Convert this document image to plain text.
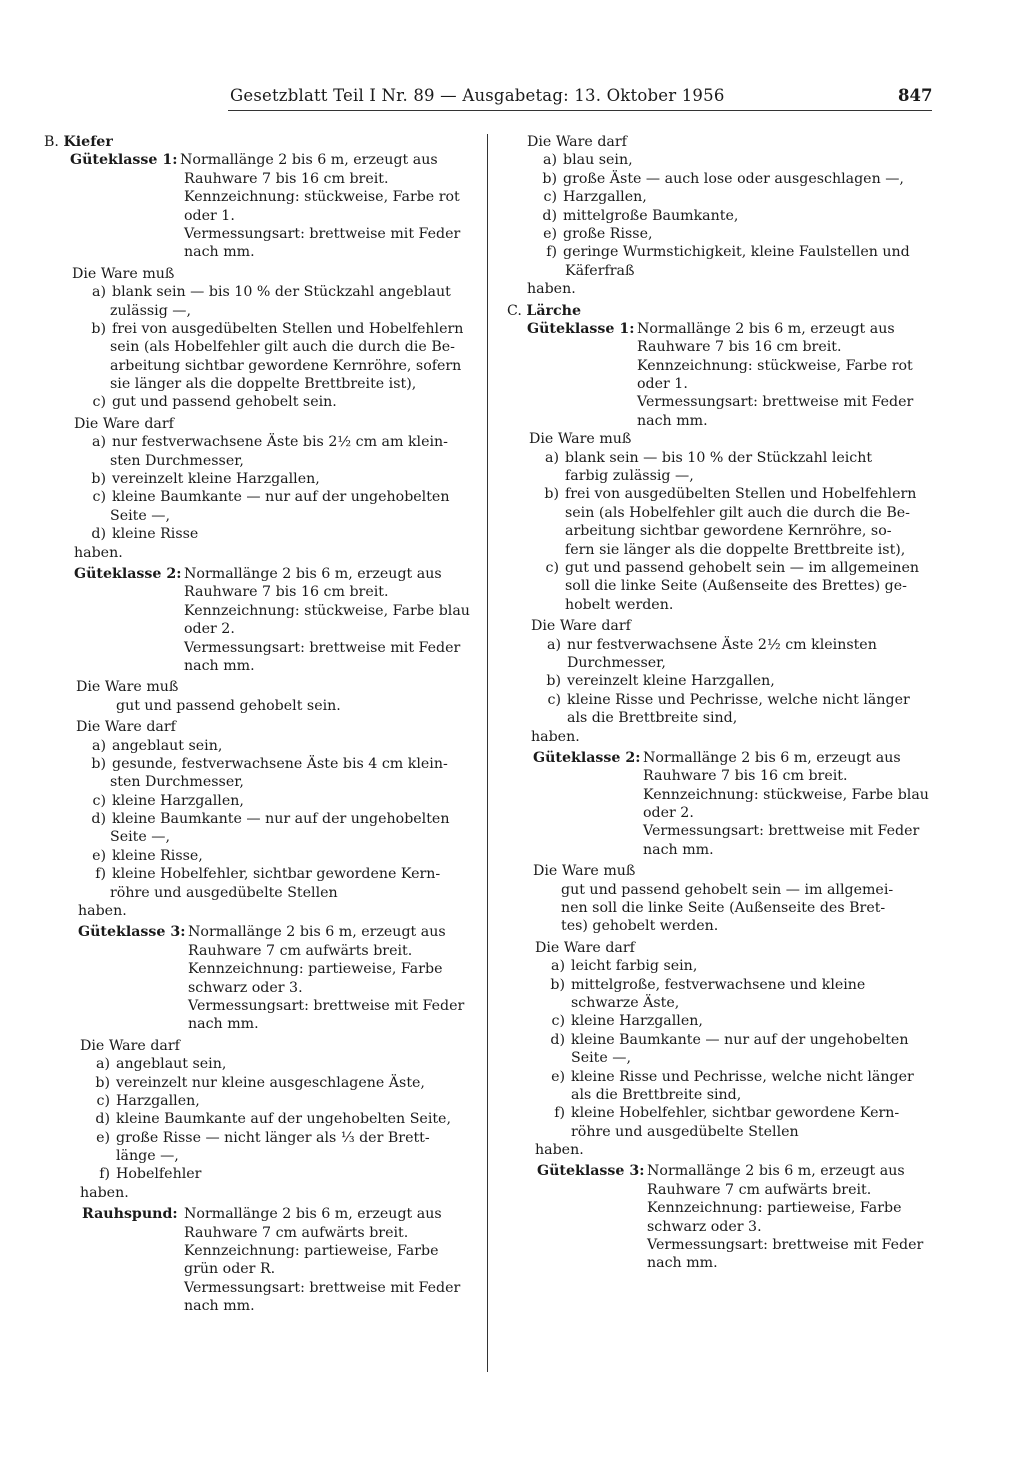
Gesetzblatt Teil I Nr. 89 — Ausgabetag: 13. Oktober 1956	847
B. Kiefer
Güteklasse 1: Normallänge 2 bis 6 m, erzeugt aus
Rauhware 7 bis 16 cm breit.
Kennzeichnung: stückweise, Farbe rot
oder 1.
Vermessungsart: brettweise mit Feder
nach mm.
Die Ware muß
a) blank sein — bis 10 % der Stückzahl angeblaut
zulässig —,
b) frei von ausgedübelten Stellen und Hobelfehlern
sein (als Hobelfehler gilt auch die durch die Be-
arbeitung sichtbar gewordene Kernröhre, sofern
sie länger als die doppelte Brettbreite ist),
c) gut und passend gehobelt sein.
Die Ware darf
a) nur festverwachsene Äste bis 2½ cm am klein-
sten Durchmesser,
b) vereinzelt kleine Harzgallen,
c) kleine Baumkante — nur auf der ungehobelten
Seite —,
d) kleine Risse
haben.
Güteklasse 2: Normallänge 2 bis 6 m, erzeugt aus
Rauhware 7 bis 16 cm breit.
Kennzeichnung: stückweise, Farbe blau
oder 2.
Vermessungsart: brettweise mit Feder
nach mm.
Die Ware muß
gut und passend gehobelt sein.
Die Ware darf
a) angeblaut sein,
b) gesunde, festverwachsene Äste bis 4 cm klein-
sten Durchmesser,
c) kleine Harzgallen,
d) kleine Baumkante — nur auf der ungehobelten
Seite —,
e) kleine Risse,
f) kleine Hobelfehler, sichtbar gewordene Kern-
röhre und ausgedübelte Stellen
haben.
Güteklasse 3: Normallänge 2 bis 6 m, erzeugt aus
Rauhware 7 cm aufwärts breit.
Kennzeichnung: partieweise, Farbe
schwarz oder 3.
Vermessungsart: brettweise mit Feder
nach mm.
Die Ware darf
a) angeblaut sein,
b) vereinzelt nur kleine ausgeschlagene Äste,
c) Harzgallen,
d) kleine Baumkante auf der ungehobelten Seite,
e) große Risse — nicht länger als ⅓ der Brett-
länge —,
f) Hobelfehler
haben.
Rauhspund: Normallänge 2 bis 6 m, erzeugt aus
Rauhware 7 cm aufwärts breit.
Kennzeichnung: partieweise, Farbe
grün oder R.
Vermessungsart: brettweise mit Feder
nach mm.
Die Ware darf
a) blau sein,
b) große Äste — auch lose oder ausgeschlagen —,
c) Harzgallen,
d) mittelgroße Baumkante,
e) große Risse,
f) geringe Wurmstichigkeit, kleine Faulstellen und
Käferfraß
haben.
C. Lärche
Güteklasse 1: Normallänge 2 bis 6 m, erzeugt aus
Rauhware 7 bis 16 cm breit.
Kennzeichnung: stückweise, Farbe rot
oder 1.
Vermessungsart: brettweise mit Feder
nach mm.
Die Ware muß
a) blank sein — bis 10 % der Stückzahl leicht
farbig zulässig —,
b) frei von ausgedübelten Stellen und Hobelfehlern
sein (als Hobelfehler gilt auch die durch die Be-
arbeitung sichtbar gewordene Kernröhre, so-
fern sie länger als die doppelte Brettbreite ist),
c) gut und passend gehobelt sein — im allgemeinen
soll die linke Seite (Außenseite des Brettes) ge-
hobelt werden.
Die Ware darf
a) nur festverwachsene Äste 2½ cm kleinsten
Durchmesser,
b) vereinzelt kleine Harzgallen,
c) kleine Risse und Pechrisse, welche nicht länger
als die Brettbreite sind,
haben.
Güteklasse 2: Normallänge 2 bis 6 m, erzeugt aus
Rauhware 7 bis 16 cm breit.
Kennzeichnung: stückweise, Farbe blau
oder 2.
Vermessungsart: brettweise mit Feder
nach mm.
Die Ware muß
gut und passend gehobelt sein — im allgemei-
nen soll die linke Seite (Außenseite des Bret-
tes) gehobelt werden.
Die Ware darf
a) leicht farbig sein,
b) mittelgroße, festverwachsene und kleine
schwarze Äste,
c) kleine Harzgallen,
d) kleine Baumkante — nur auf der ungehobelten
Seite —,
e) kleine Risse und Pechrisse, welche nicht länger
als die Brettbreite sind,
f) kleine Hobelfehler, sichtbar gewordene Kern-
röhre und ausgedübelte Stellen
haben.
Güteklasse 3: Normallänge 2 bis 6 m, erzeugt aus
Rauhware 7 cm aufwärts breit.
Kennzeichnung: partieweise, Farbe
schwarz oder 3.
Vermessungsart: brettweise mit Feder
nach mm.
